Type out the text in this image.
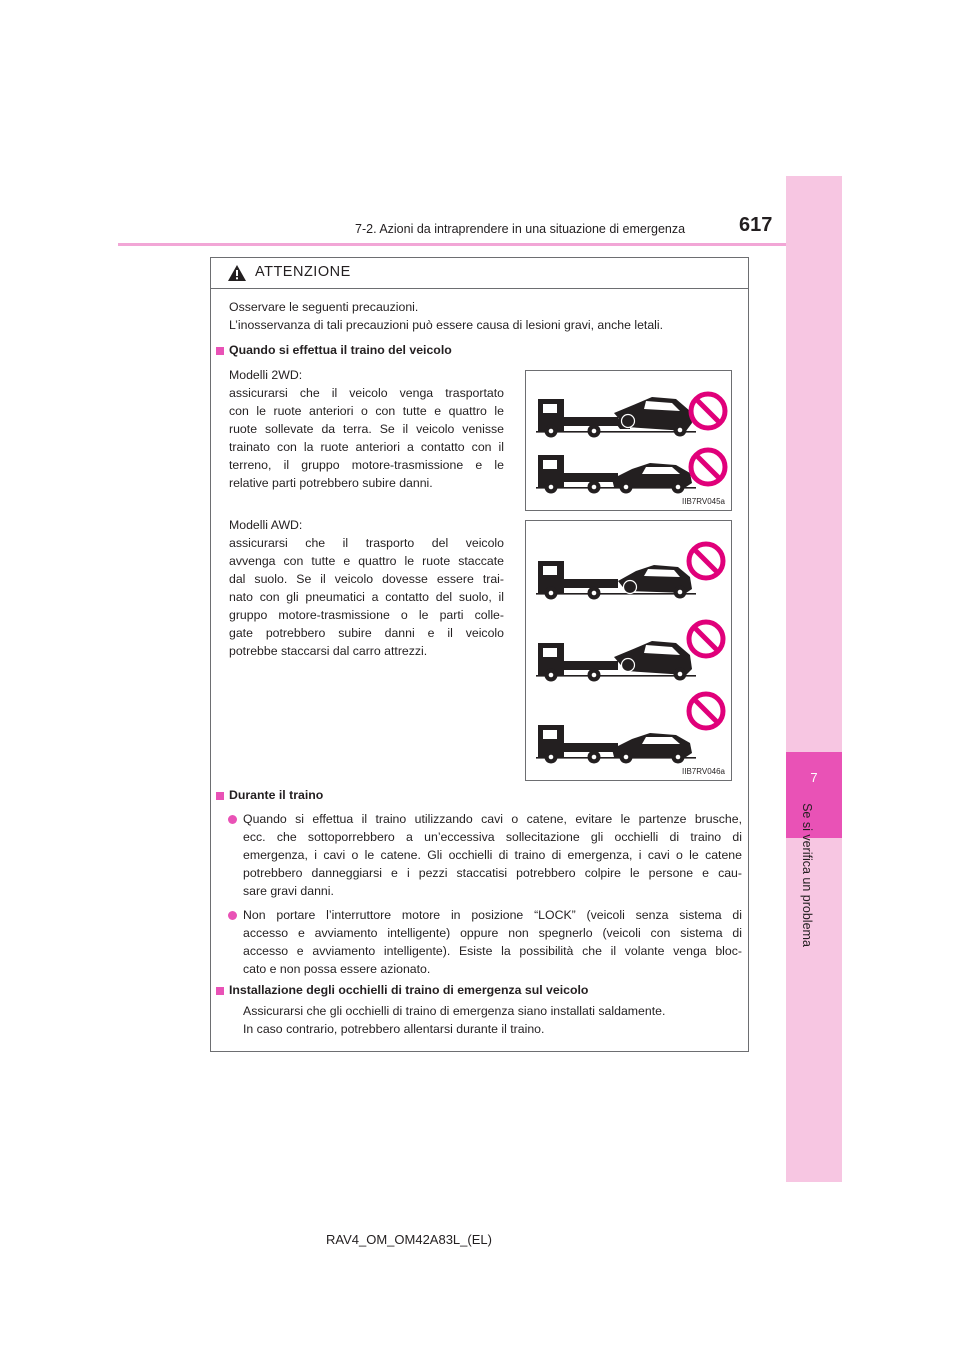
7
Se si verifica un problema
7-2. Azioni da intraprendere in una situazione di emergenza	617
ATTENZIONE
Osservare le seguenti precauzioni.
L’inosservanza di tali precauzioni può essere causa di lesioni gravi, anche letali.
Quando si effettua il traino del veicolo
Modelli 2WD:
assicurarsi che il veicolo venga trasportato
con le ruote anteriori o con tutte e quattro le
ruote sollevate da terra. Se il veicolo venisse
trainato con la ruote anteriori a contatto con il
terreno, il gruppo motore-trasmissione e le
relative parti potrebbero subire danni.
IIB7RV045a
Modelli AWD:
assicurarsi che il trasporto del veicolo
avvenga con tutte e quattro le ruote staccate
dal suolo. Se il veicolo dovesse essere trai-
nato con gli pneumatici a contatto del suolo, il
gruppo motore-trasmissione o le parti colle-
gate potrebbero subire danni e il veicolo
potrebbe staccarsi dal carro attrezzi.
IIB7RV046a
Durante il traino
Quando si effettua il traino utilizzando cavi o catene, evitare le partenze brusche,
ecc. che sottoporrebbero a un’eccessiva sollecitazione gli occhielli di traino di
emergenza, i cavi o le catene. Gli occhielli di traino di emergenza, i cavi o le catene
potrebbero danneggiarsi e i pezzi staccatisi potrebbero colpire le persone e cau-
sare gravi danni.
Non portare l’interruttore motore in posizione “LOCK” (veicoli senza sistema di
accesso e avviamento intelligente) oppure non spegnerlo (veicoli con sistema di
accesso e avviamento intelligente). Esiste la possibilità che il volante venga bloc-
cato e non possa essere azionato.
Installazione degli occhielli di traino di emergenza sul veicolo
Assicurarsi che gli occhielli di traino di emergenza siano installati saldamente.
In caso contrario, potrebbero allentarsi durante il traino.
RAV4_OM_OM42A83L_(EL)
